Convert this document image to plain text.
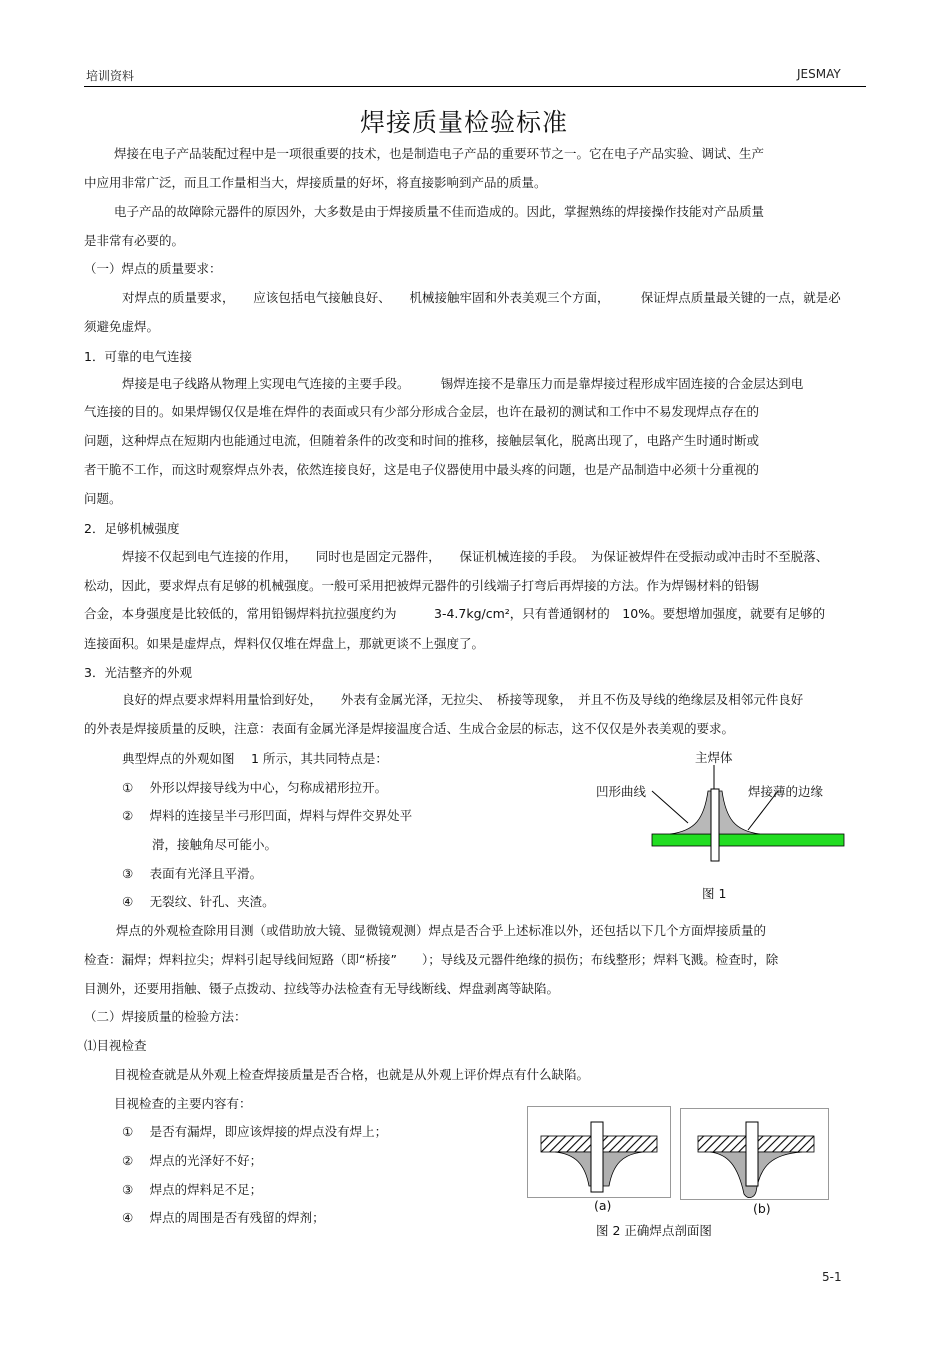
培训资料	JESMAY
焊接质量检验标准
焊接在电子产品装配过程中是一项很重要的技术，也是制造电子产品的重要环节之一。它在电子产品实验、调试、生产
中应用非常广泛，而且工作量相当大，焊接质量的好坏，将直接影响到产品的质量。
电子产品的故障除元器件的原因外，大多数是由于焊接质量不佳而造成的。因此，掌握熟练的焊接操作技能对产品质量
是非常有必要的。
（一）焊点的质量要求：
对焊点的质量要求，　　应该包括电气接触良好、　　机械接触牢固和外表美观三个方面，　　　保证焊点质量最关键的一点，就是必
须避免虚焊。
1．可靠的电气连接
焊接是电子线路从物理上实现电气连接的主要手段。　　　锡焊连接不是靠压力而是靠焊接过程形成牢固连接的合金层达到电
气连接的目的。如果焊锡仅仅是堆在焊件的表面或只有少部分形成合金层，也许在最初的测试和工作中不易发现焊点存在的
问题，这种焊点在短期内也能通过电流，但随着条件的改变和时间的推移，接触层氧化，脱离出现了，电路产生时通时断或
者干脆不工作，而这时观察焊点外表，依然连接良好，这是电子仪器使用中最头疼的问题，也是产品制造中必须十分重视的
问题。
2．足够机械强度
焊接不仅起到电气连接的作用，　　同时也是固定元器件，　　保证机械连接的手段。　为保证被焊件在受振动或冲击时不至脱落、
松动，因此，要求焊点有足够的机械强度。一般可采用把被焊元器件的引线端子打弯后再焊接的方法。作为焊锡材料的铅锡
合金，本身强度是比较低的，常用铅锡焊料抗拉强度约为　　　3-4.7kg/cm²，只有普通钢材的　10%。要想增加强度，就要有足够的
连接面积。如果是虚焊点，焊料仅仅堆在焊盘上，那就更谈不上强度了。
3．光洁整齐的外观
良好的焊点要求焊料用量恰到好处，　　外表有金属光泽，无拉尖、　桥接等现象，　并且不伤及导线的绝缘层及相邻元件良好
的外表是焊接质量的反映，注意：表面有金属光泽是焊接温度合适、生成合金层的标志，这不仅仅是外表美观的要求。
典型焊点的外观如图　 1 所示，其共同特点是：
①　 外形以焊接导线为中心，匀称成裙形拉开。
②　 焊料的连接呈半弓形凹面，焊料与焊件交界处平
滑，接触角尽可能小。
③　 表面有光泽且平滑。
④　 无裂纹、针孔、夹渣。
焊点的外观检查除用目测（或借助放大镜、显微镜观测）焊点是否合乎上述标准以外，还包括以下几个方面焊接质量的
检查：漏焊；焊料拉尖；焊料引起导线间短路（即“桥接”　　）；导线及元器件绝缘的损伤；布线整形；焊料飞溅。检查时，除
目测外，还要用指触、镊子点拨动、拉线等办法检查有无导线断线、焊盘剥离等缺陷。
（二）焊接质量的检验方法：
⑴目视检查
目视检查就是从外观上检查焊接质量是否合格，也就是从外观上评价焊点有什么缺陷。
目视检查的主要内容有：
①　 是否有漏焊，即应该焊接的焊点没有焊上；
②　 焊点的光泽好不好；
③　 焊点的焊料足不足；
④　 焊点的周围是否有残留的焊剂；
主焊体
凹形曲线	焊接薄的边缘
图 1
(a)	(b)
图 2 正确焊点剖面图
5-1
